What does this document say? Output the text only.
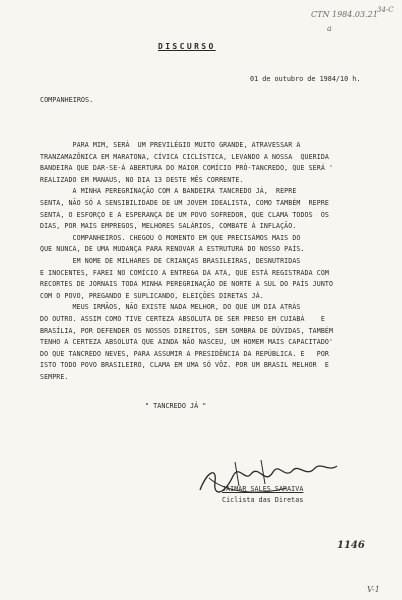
CTN 1984.03.21 34-C
a
DISCURSO
01 de outubro de 1984/10 h.
COMPANHEIROS.
PARA MIM, SERÁ  UM PREVILÉGIO MUITO GRANDE, ATRAVESSAR A
TRANZAMAZÔNICA EM MARATONA, CÍVICA CICLÍSTICA, LEVANDO A NOSSA  QUERIDA
BANDEIRA QUE DAR-SE-Á ABERTURA DO MAIOR COMÍCIO PRÓ-TANCREDO, QUE SERÁ '
REALIZADO EM MANAUS, NO DIA 13 DESTE MÊS CORRENTE.
A MINHA PEREGRINAÇÃO COM A BANDEIRA TANCREDO JÁ,  REPRE
SENTA, NÃO SÓ A SENSIBILIDADE DE UM JOVEM IDEALISTA, COMO TAMBÉM  REPRE
SENTA, O ESFORÇO E A ESPERANÇA DE UM POVO SOFREDOR, QUE CLAMA TODOS  OS
DIAS, POR MAIS EMPREGOS, MELHORES SALÁRIOS, COMBATE À INFLAÇÃO.
COMPANHEIROS. CHEGOU O MOMENTO EM QUE PRECISAMOS MAIS DO
QUE NUNCA, DE UMA MUDANÇA PARA RENOVAR A ESTRUTURA DO NOSSO PAÍS.
EM NOME DE MILHARES DE CRIANÇAS BRASILEIRAS, DESNUTRIDAS
E INOCENTES, FAREI NO COMÍCIO A ENTREGA DA ATA, QUE ESTÁ REGISTRADA COM
RECORTES DE JORNAIS TODA MINHA PEREGRINAÇÃO DE NORTE A SUL DO PAÍS JUNTO
COM O POVO, PREGANDO E SUPLICANDO, ELEIÇÕES DIRETAS JÁ.
MEUS IRMÃOS, NÃO EXISTE NADA MELHOR, DO QUE UM DIA ATRÁS
DO OUTRO. ASSIM COMO TIVE CERTEZA ABSOLUTA DE SER PRESO EM CUIABÁ    E
BRASÍLIA, POR DEFENDER OS NOSSOS DIREITOS, SEM SOMBRA DE DÚVIDAS, TAMBÉM
TENHO A CERTEZA ABSOLUTA QUE AINDA NÃO NASCEU, UM HOMEM MAIS CAPACITADO'
DO QUE TANCREDO NEVES, PARA ASSUMIR A PRESIDÊNCIA DA REPÚBLICA. E   POR
ISTO TODO POVO BRASILEIRO, CLAMA EM UMA SÓ VÔZ. POR UM BRASIL MELHOR  E
SEMPRE.
" TANCREDO JÁ "
JAIMAR SALES SARAIVA
Ciclista das Diretas
1146
V-1
